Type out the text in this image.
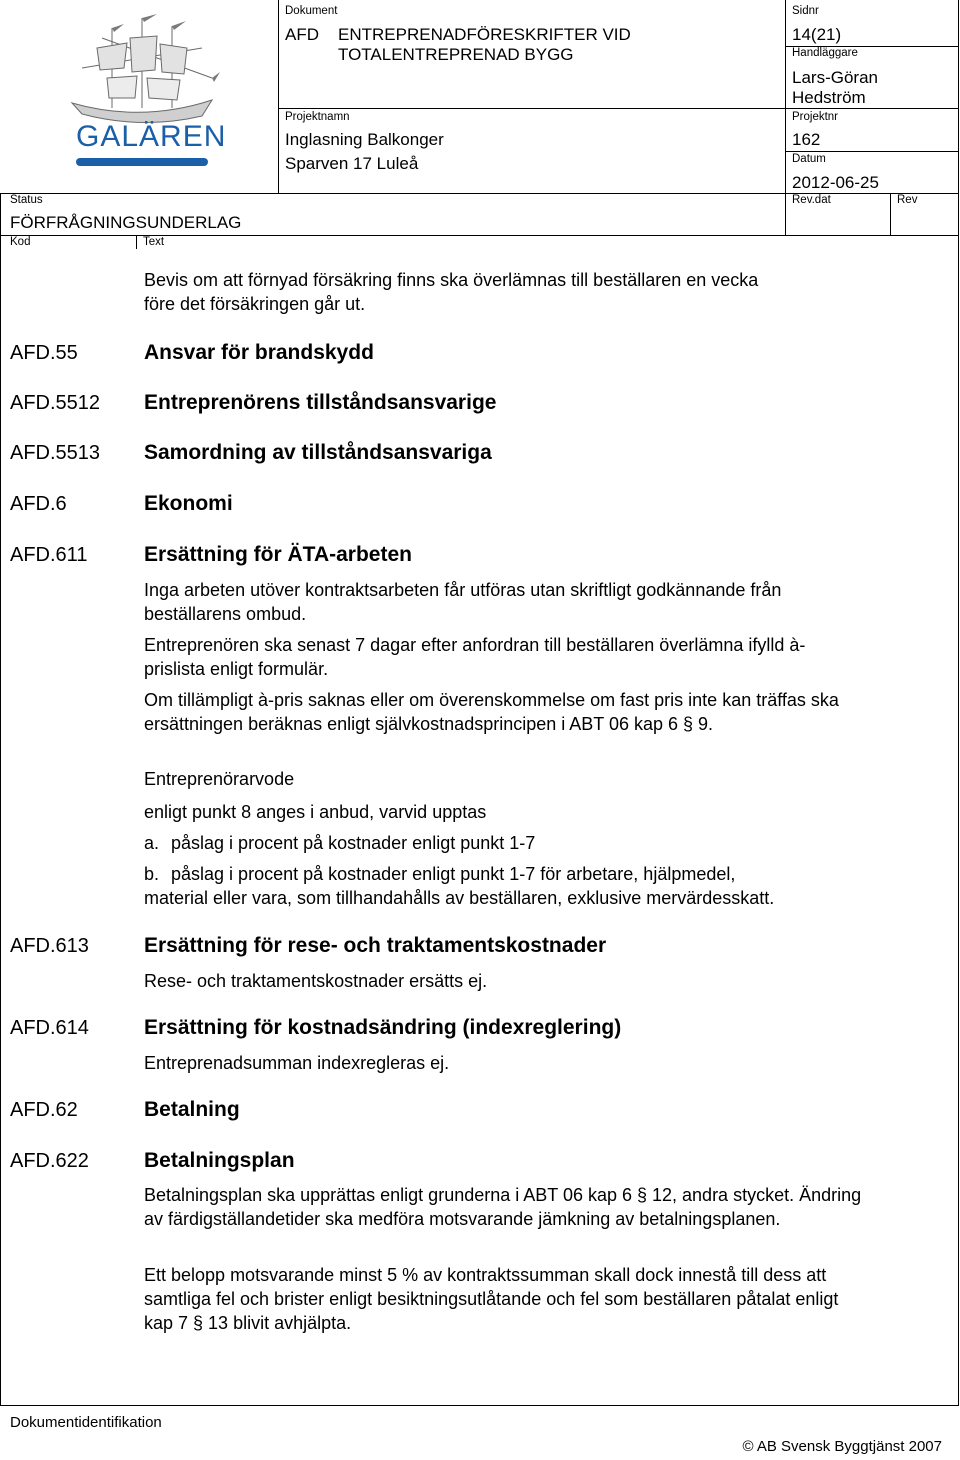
GALÄREN
Dokument
AFD ENTREPRENADFÖRESKRIFTER VID
TOTALENTREPRENAD BYGG
Sidnr
14(21)
Handläggare
Lars-Göran
Hedström
Projektnamn
Inglasning Balkonger
Sparven 17 Luleå
Projektnr
162
Datum
2012-06-25
Status
FÖRFRÅGNINGSUNDERLAG
Rev.dat	Rev
Kod	Text
Bevis om att förnyad försäkring finns ska överlämnas till beställaren en vecka
före det försäkringen går ut.
AFD.55	Ansvar för brandskydd
AFD.5512 Entreprenörens tillståndsansvarige
AFD.5513 Samordning av tillståndsansvariga
AFD.6	Ekonomi
AFD.611	Ersättning för ÄTA-arbeten
Inga arbeten utöver kontraktsarbeten får utföras utan skriftligt godkännande från beställarens ombud.
Entreprenören ska senast 7 dagar efter anfordran till beställaren överlämna ifylld à-prislista enligt formulär.
Om tillämpligt à-pris saknas eller om överenskommelse om fast pris inte kan träffas ska ersättningen beräknas enligt självkostnadsprincipen i ABT 06 kap 6 § 9.
Entreprenörarvode
enligt punkt 8 anges i anbud, varvid upptas
a. påslag i procent på kostnader enligt punkt 1-7
b. påslag i procent på kostnader enligt punkt 1-7 för arbetare, hjälpmedel,
material eller vara, som tillhandahålls av beställaren, exklusive mervärdesskatt.
AFD.613	Ersättning för rese- och traktamentskostnader
Rese- och traktamentskostnader ersätts ej.
AFD.614	Ersättning för kostnadsändring (indexreglering)
Entreprenadsumman indexregleras ej.
AFD.62	Betalning
AFD.622	Betalningsplan
Betalningsplan ska upprättas enligt grunderna i ABT 06 kap 6 § 12, andra stycket. Ändring av färdigställandetider ska medföra motsvarande jämkning av betalningsplanen.
Ett belopp motsvarande minst 5 % av kontraktssumman skall dock innestå till dess att samtliga fel och brister enligt besiktningsutlåtande och fel som beställaren påtalat enligt kap 7 § 13 blivit avhjälpta.
Dokumentidentifikation
© AB Svensk Byggtjänst 2007
